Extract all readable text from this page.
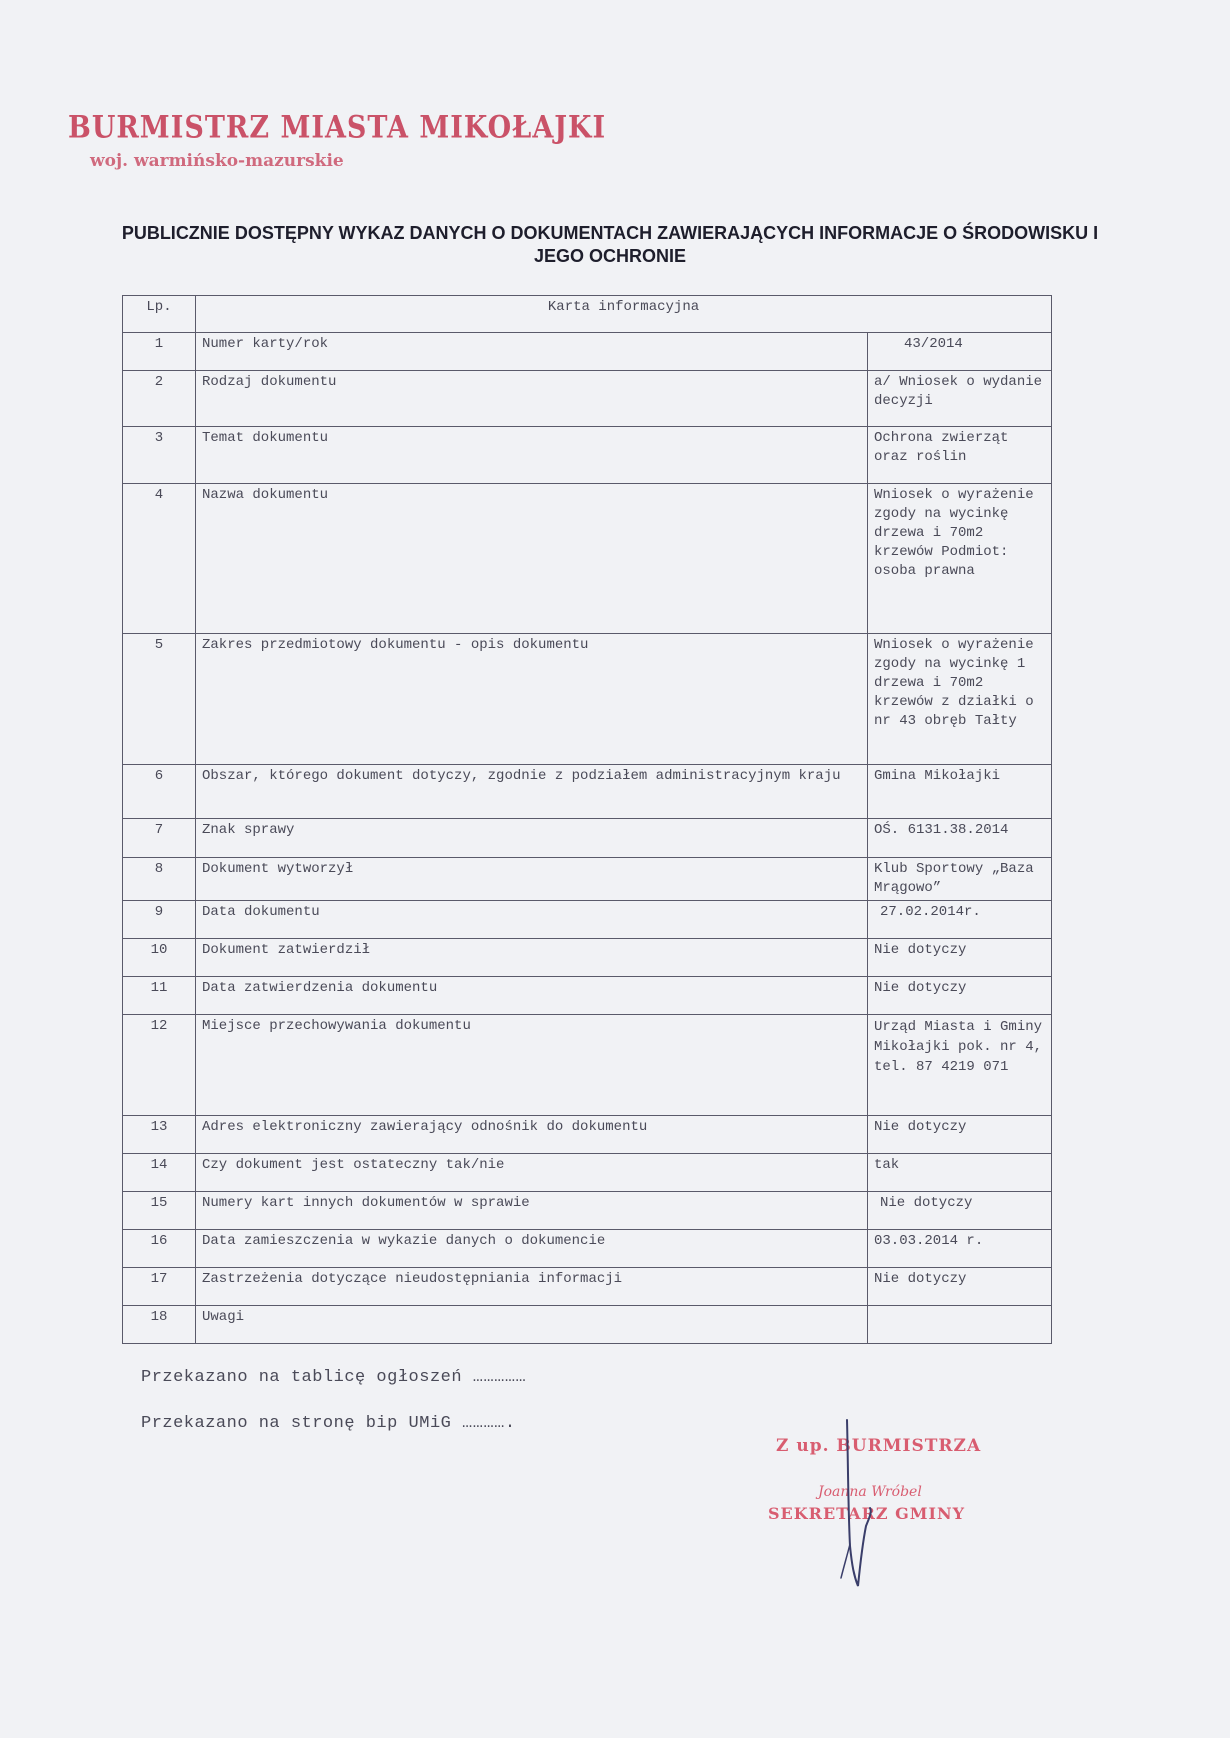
BURMISTRZ MIASTA MIKOŁAJKI
woj. warmińsko-mazurskie
PUBLICZNIE DOSTĘPNY WYKAZ DANYCH O DOKUMENTACH ZAWIERAJĄCYCH INFORMACJE O ŚRODOWISKU I JEGO OCHRONIE
Lp.	Karta informacyjna	
1	Numer karty/rok	43/2014
2	Rodzaj dokumentu	a/ Wniosek o wydanie decyzji
3	Temat dokumentu	Ochrona zwierząt oraz roślin
4	Nazwa dokumentu	Wniosek o wyrażenie zgody na wycinkę drzewa i 70m2 krzewów Podmiot: osoba prawna
5	Zakres przedmiotowy dokumentu - opis dokumentu	Wniosek o wyrażenie zgody na wycinkę 1 drzewa i 70m2 krzewów z działki o nr 43 obręb Tałty
6	Obszar, którego dokument dotyczy, zgodnie z podziałem administracyjnym kraju	Gmina Mikołajki
7	Znak sprawy	OŚ. 6131.38.2014
8	Dokument wytworzył	Klub Sportowy „Baza Mrągowo”
9	Data dokumentu	27.02.2014r.
10	Dokument zatwierdził	Nie dotyczy
11	Data zatwierdzenia dokumentu	Nie dotyczy
12	Miejsce przechowywania dokumentu	Urząd Miasta i Gminy Mikołajki pok. nr 4, tel. 87 4219 071
13	Adres elektroniczny zawierający odnośnik do dokumentu	Nie dotyczy
14	Czy dokument jest ostateczny tak/nie	tak
15	Numery kart innych dokumentów w sprawie	Nie dotyczy
16	Data zamieszczenia w wykazie danych o dokumencie	03.03.2014 r.
17	Zastrzeżenia dotyczące nieudostępniania informacji	Nie dotyczy
18	Uwagi	
Przekazano na tablicę ogłoszeń ……………
Przekazano na stronę bip UMiG ………….
Z up. BURMISTRZA
Joanna Wróbel
SEKRETARZ GMINY
